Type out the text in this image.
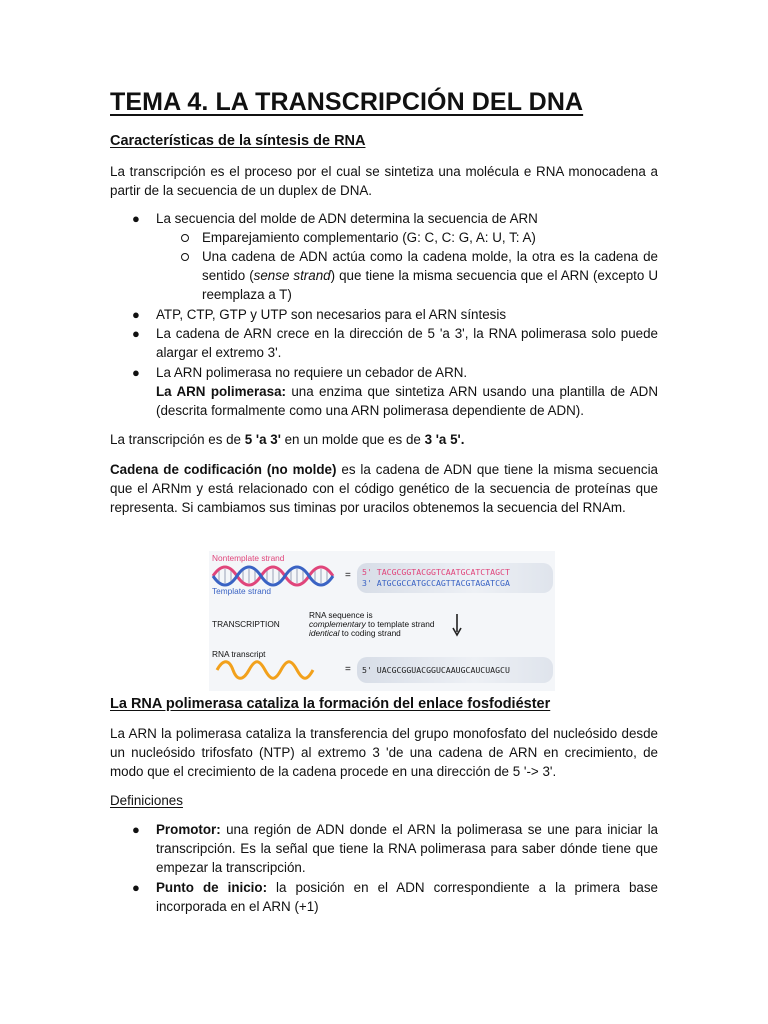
TEMA 4. LA TRANSCRIPCIÓN DEL DNA
Características de la síntesis de RNA
La transcripción es el proceso por el cual se sintetiza una molécula e RNA monocadena a partir de la secuencia de un duplex de DNA.
● La secuencia del molde de ADN determina la secuencia de ARN
Emparejamiento complementario (G: C, C: G, A: U, T: A)
Una cadena de ADN actúa como la cadena molde, la otra es la cadena de sentido (sense strand) que tiene la misma secuencia que el ARN (excepto U reemplaza a T)
● ATP, CTP, GTP y UTP son necesarios para el ARN síntesis
● La cadena de ARN crece en la dirección de 5 'a 3', la RNA polimerasa solo puede alargar el extremo 3'.
● La ARN polimerasa no requiere un cebador de ARN.
La ARN polimerasa: una enzima que sintetiza ARN usando una plantilla de ADN (descrita formalmente como una ARN polimerasa dependiente de ADN).
La transcripción es de 5 'a 3' en un molde que es de 3 'a 5'.
Cadena de codificación (no molde) es la cadena de ADN que tiene la misma secuencia que el ARNm y está relacionado con el código genético de la secuencia de proteínas que representa. Si cambiamos sus timinas por uracilos obtenemos la secuencia del RNAm.
Nontemplate strand
= 5' TACGCGGTACGGTCAATGCATCTAGCT
3' ATGCGCCATGCCAGTTACGTAGATCGA
Template strand
TRANSCRIPTION
RNA sequence is
complementary to template strand
identical to coding strand
RNA transcript
= 5' UACGCGGUACGGUCAAUGCAUCUAGCU
La RNA polimerasa cataliza la formación del enlace fosfodiéster
La ARN la polimerasa cataliza la transferencia del grupo monofosfato del nucleósido desde un nucleósido trifosfato (NTP) al extremo 3 'de una cadena de ARN en crecimiento, de modo que el crecimiento de la cadena procede en una dirección de 5 '-> 3'.
Definiciones
● Promotor: una región de ADN donde el ARN la polimerasa se une para iniciar la transcripción. Es la señal que tiene la RNA polimerasa para saber dónde tiene que empezar la transcripción.
● Punto de inicio: la posición en el ADN correspondiente a la primera base incorporada en el ARN (+1)
